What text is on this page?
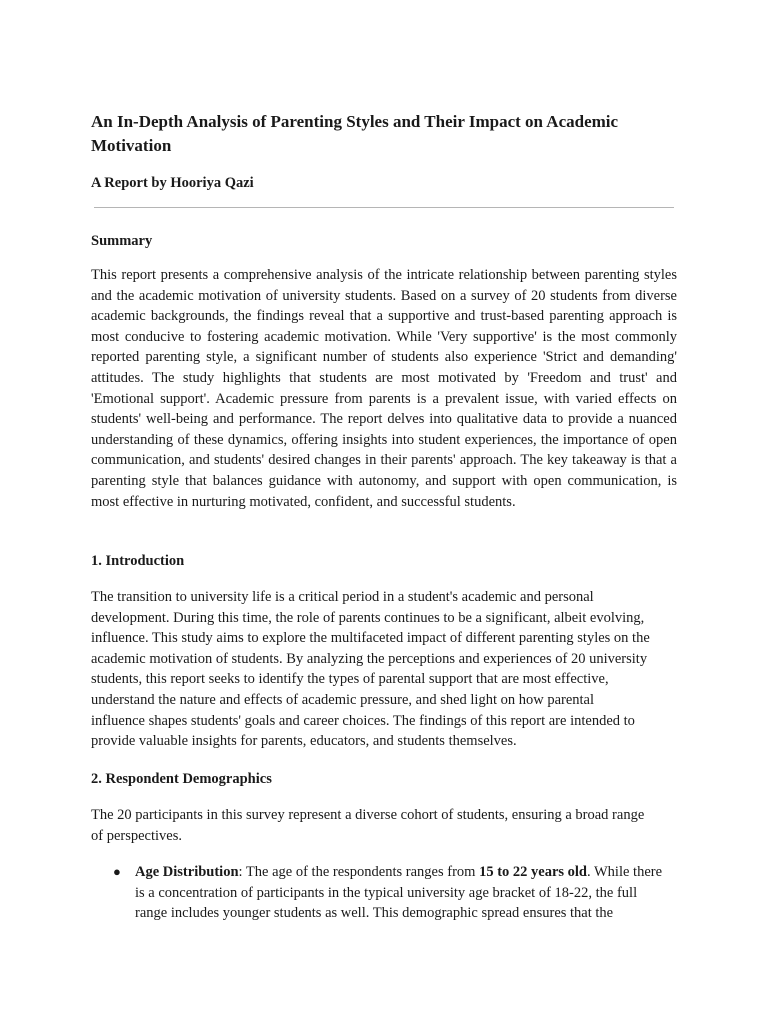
An In-Depth Analysis of Parenting Styles and Their Impact on Academic Motivation

A Report by Hooriya Qazi

Summary

This report presents a comprehensive analysis of the intricate relationship between parenting styles and the academic motivation of university students. Based on a survey of 20 students from diverse academic backgrounds, the findings reveal that a supportive and trust-based parenting approach is most conducive to fostering academic motivation. While 'Very supportive' is the most commonly reported parenting style, a significant number of students also experience 'Strict and demanding' attitudes. The study highlights that students are most motivated by 'Freedom and trust' and 'Emotional support'. Academic pressure from parents is a prevalent issue, with varied effects on students' well-being and performance. The report delves into qualitative data to provide a nuanced understanding of these dynamics, offering insights into student experiences, the importance of open communication, and students' desired changes in their parents' approach. The key takeaway is that a parenting style that balances guidance with autonomy, and support with open communication, is most effective in nurturing motivated, confident, and successful students.

1. Introduction

The transition to university life is a critical period in a student's academic and personal development. During this time, the role of parents continues to be a significant, albeit evolving, influence. This study aims to explore the multifaceted impact of different parenting styles on the academic motivation of students. By analyzing the perceptions and experiences of 20 university students, this report seeks to identify the types of parental support that are most effective, understand the nature and effects of academic pressure, and shed light on how parental influence shapes students' goals and career choices. The findings of this report are intended to provide valuable insights for parents, educators, and students themselves.

2. Respondent Demographics

The 20 participants in this survey represent a diverse cohort of students, ensuring a broad range of perspectives.

● Age Distribution: The age of the respondents ranges from 15 to 22 years old. While there is a concentration of participants in the typical university age bracket of 18-22, the full range includes younger students as well. This demographic spread ensures that the
